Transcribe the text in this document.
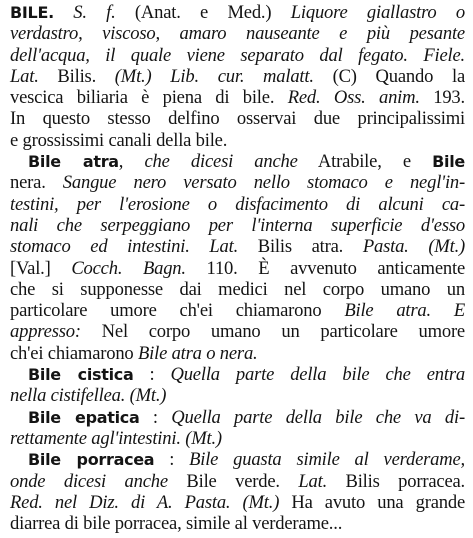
BILE. S. f. (Anat. e Med.) Liquore giallastro o
verdastro, viscoso, amaro nauseante e più pesante
dell'acqua, il quale viene separato dal fegato. Fiele.
Lat. Bilis. (Mt.) Lib. cur. malatt. (C) Quando la
vescica biliaria è piena di bile. Red. Oss. anim. 193.
In questo stesso delfino osservai due principalissimi
e grossissimi canali della bile.
Bile atra, che dicesi anche Atrabile, e Bile
nera. Sangue nero versato nello stomaco e negl'in-
testini, per l'erosione o disfacimento di alcuni ca-
nali che serpeggiano per l'interna superficie d'esso
stomaco ed intestini. Lat. Bilis atra. Pasta. (Mt.)
[Val.] Cocch. Bagn. 110. È avvenuto anticamente
che si supponesse dai medici nel corpo umano un
particolare umore ch'ei chiamarono Bile atra. E
appresso: Nel corpo umano un particolare umore
ch'ei chiamarono Bile atra o nera.
Bile cistica : Quella parte della bile che entra
nella cistifellea. (Mt.)
Bile epatica : Quella parte della bile che va di-
rettamente agl'intestini. (Mt.)
Bile porracea : Bile guasta simile al verderame,
onde dicesi anche Bile verde. Lat. Bilis porracea.
Red. nel Diz. di A. Pasta. (Mt.) Ha avuto una grande
diarrea di bile porracea, simile al verderame...
